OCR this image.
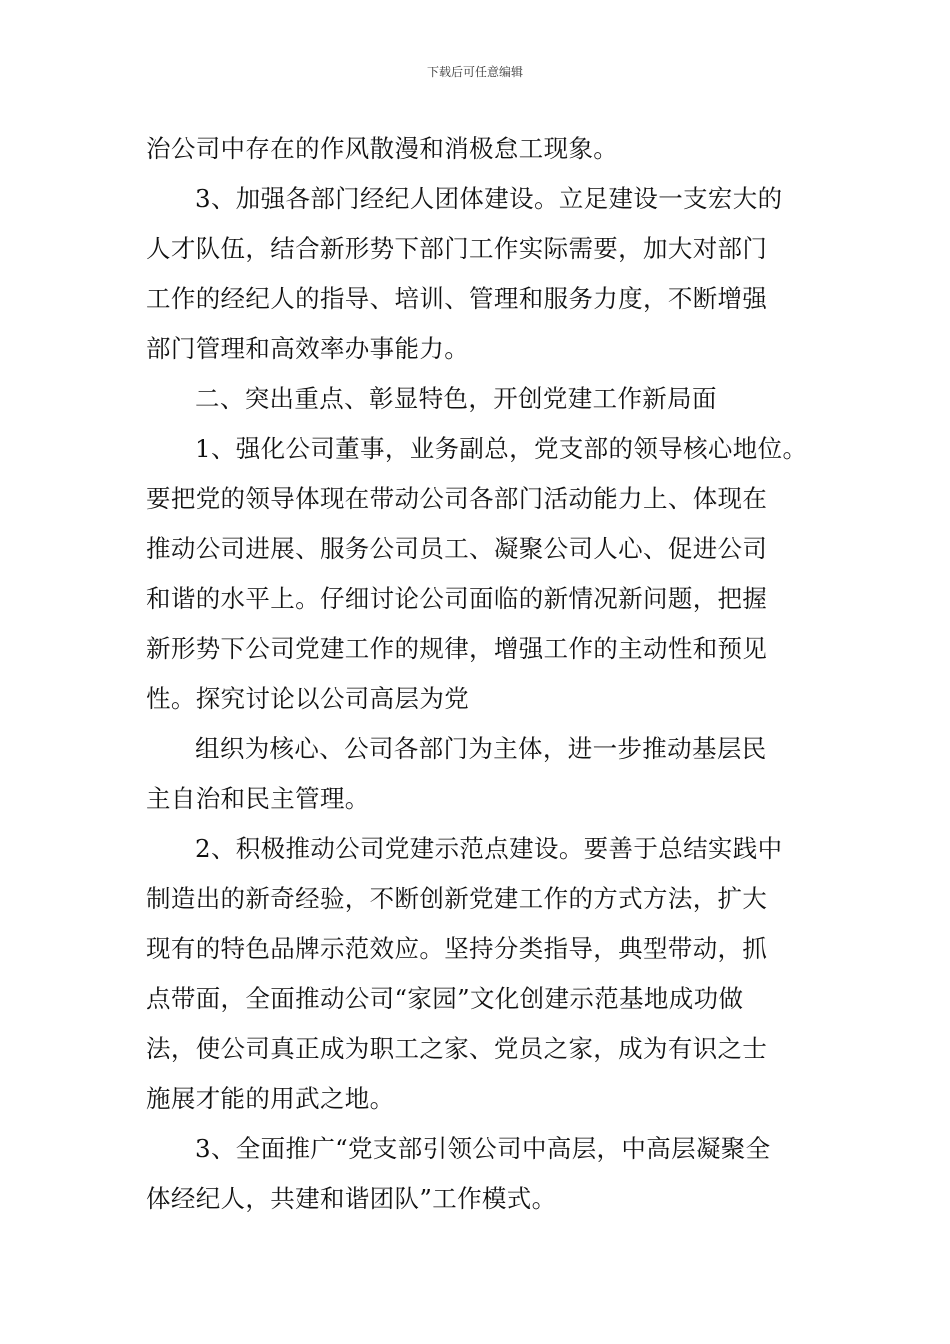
下载后可任意编辑
治公司中存在的作风散漫和消极怠工现象。
3、加强各部门经纪人团体建设。立足建设一支宏大的
人才队伍，结合新形势下部门工作实际需要，加大对部门
工作的经纪人的指导、培训、管理和服务力度，不断增强
部门管理和高效率办事能力。
二、突出重点、彰显特色，开创党建工作新局面
1、强化公司董事，业务副总，党支部的领导核心地位。
要把党的领导体现在带动公司各部门活动能力上、体现在
推动公司进展、服务公司员工、凝聚公司人心、促进公司
和谐的水平上。仔细讨论公司面临的新情况新问题，把握
新形势下公司党建工作的规律，增强工作的主动性和预见
性。探究讨论以公司高层为党
组织为核心、公司各部门为主体，进一步推动基层民
主自治和民主管理。
2、积极推动公司党建示范点建设。要善于总结实践中
制造出的新奇经验，不断创新党建工作的方式方法，扩大
现有的特色品牌示范效应。坚持分类指导，典型带动，抓
点带面，全面推动公司“家园”文化创建示范基地成功做
法，使公司真正成为职工之家、党员之家，成为有识之士
施展才能的用武之地。
3、全面推广“党支部引领公司中高层，中高层凝聚全
体经纪人，共建和谐团队”工作模式。
